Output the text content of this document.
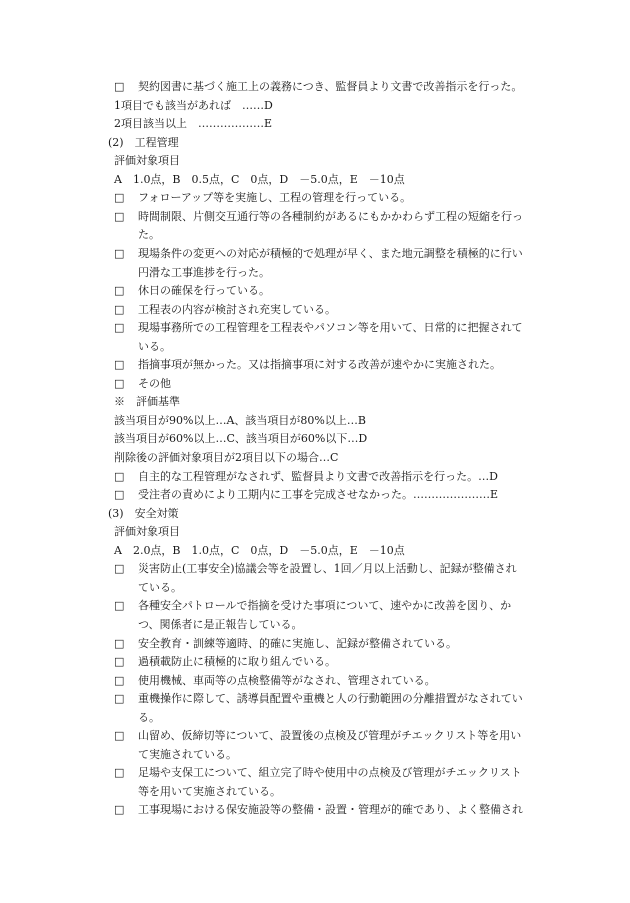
□ 契約図書に基づく施工上の義務につき、監督員より文書で改善指示を行った。
1項目でも該当があれば　……D
2項目該当以上　………………E
(2)　工程管理
評価対象項目
A　1.0点，B　0.5点，C　0点，D　－5.0点，E　－10点
□ フォローアップ等を実施し、工程の管理を行っている。
□ 時間制限、片側交互通行等の各種制約があるにもかかわらず工程の短縮を行っ
た。
□ 現場条件の変更への対応が積極的で処理が早く、また地元調整を積極的に行い
円滑な工事進捗を行った。
□ 休日の確保を行っている。
□ 工程表の内容が検討され充実している。
□ 現場事務所での工程管理を工程表やパソコン等を用いて、日常的に把握されて
いる。
□ 指摘事項が無かった。又は指摘事項に対する改善が速やかに実施された。
□ その他
※　評価基準
該当項目が90%以上…A、該当項目が80%以上…B
該当項目が60%以上…C、該当項目が60%以下…D
削除後の評価対象項目が2項目以下の場合…C
□ 自主的な工程管理がなされず、監督員より文書で改善指示を行った。…D
□ 受注者の責めにより工期内に工事を完成させなかった。…………………E
(3)　安全対策
評価対象項目
A　2.0点，B　1.0点，C　0点，D　－5.0点，E　－10点
□ 災害防止(工事安全)協議会等を設置し、1回／月以上活動し、記録が整備され
ている。
□ 各種安全パトロールで指摘を受けた事項について、速やかに改善を図り、か
つ、関係者に是正報告している。
□ 安全教育・訓練等適時、的確に実施し、記録が整備されている。
□ 過積載防止に積極的に取り組んでいる。
□ 使用機械、車両等の点検整備等がなされ、管理されている。
□ 重機操作に際して、誘導員配置や重機と人の行動範囲の分離措置がなされてい
る。
□ 山留め、仮締切等について、設置後の点検及び管理がチエックリスト等を用い
て実施されている。
□ 足場や支保工について、組立完了時や使用中の点検及び管理がチエックリスト
等を用いて実施されている。
□ 工事現場における保安施設等の整備・設置・管理が的確であり、よく整備され
